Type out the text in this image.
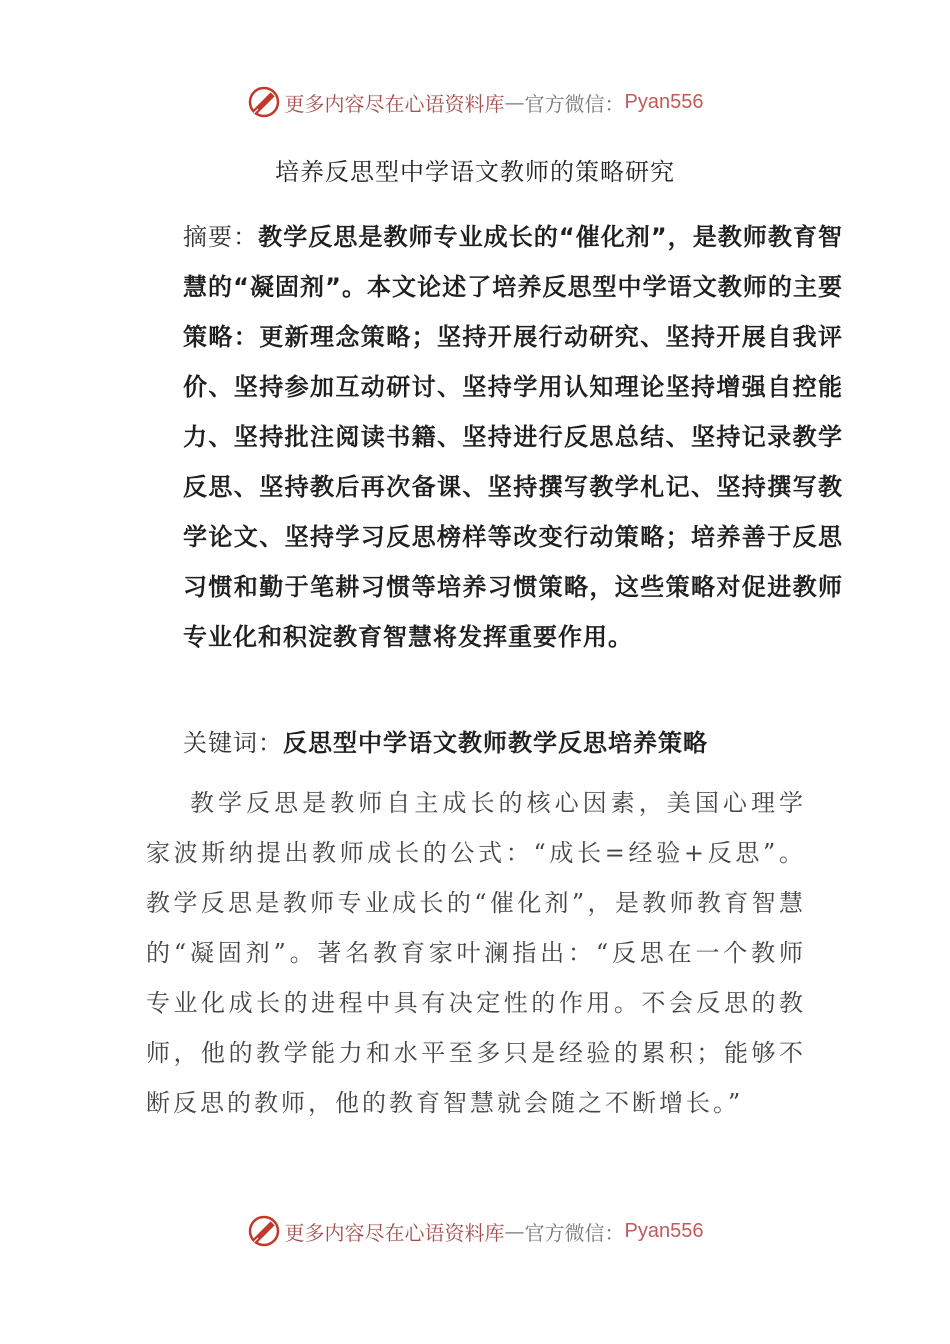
更多内容尽在心语资料库 — 官方微信： Pyan556
培养反思型中学语文教师的策略研究
摘要：教学反思是教师专业成长的“催化剂”，是教师教育智慧的“凝固剂”。本文论述了培养反思型中学语文教师的主要策略：更新理念策略；坚持开展行动研究、坚持开展自我评价、坚持参加互动研讨、坚持学用认知理论坚持增强自控能力、坚持批注阅读书籍、坚持进行反思总结、坚持记录教学反思、坚持教后再次备课、坚持撰写教学札记、坚持撰写教学论文、坚持学习反思榜样等改变行动策略；培养善于反思习惯和勤于笔耕习惯等培养习惯策略，这些策略对促进教师专业化和积淀教育智慧将发挥重要作用。
关键词：反思型中学语文教师教学反思培养策略
教学反思是教师自主成长的核心因素，美国心理学家波斯纳提出教师成长的公式：“成长=经验+反思”。教学反思是教师专业成长的“催化剂”，是教师教育智慧的“凝固剂”。著名教育家叶澜指出：“反思在一个教师专业化成长的进程中具有决定性的作用。不会反思的教师，他的教学能力和水平至多只是经验的累积；能够不断反思的教师，他的教育智慧就会随之不断增长。”
更多内容尽在心语资料库 — 官方微信： Pyan556
